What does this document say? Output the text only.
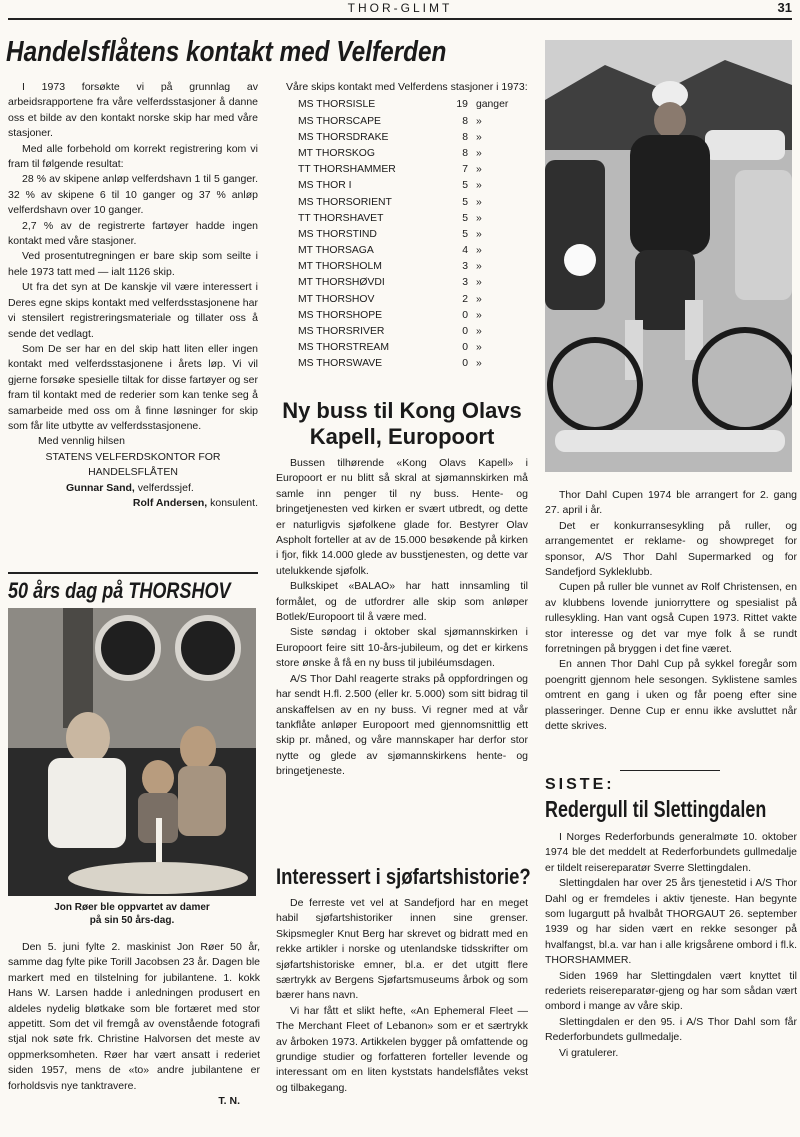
THOR-GLIMT	31
Handelsflåtens kontakt med Velferden

I 1973 forsøkte vi på grunnlag av arbeidsrapportene fra våre velferdsstasjoner å danne oss et bilde av den kontakt norske skip har med våre stasjoner.

Med alle forbehold om korrekt registrering kom vi fram til følgende resultat:

28 % av skipene anløp velferdshavn 1 til 5 ganger. 32 % av skipene 6 til 10 ganger og 37 % anløp velferdshavn over 10 ganger.

2,7 % av de registrerte fartøyer hadde ingen kontakt med våre stasjoner.

Ved prosentutregningen er bare skip som seilte i hele 1973 tatt med — ialt 1126 skip.

Ut fra det syn at De kanskje vil være interessert i Deres egne skips kontakt med velferdsstasjonene har vi stensilert registreringsmateriale og tillater oss å sende det vedlagt.

Som De ser har en del skip hatt liten eller ingen kontakt med velferdsstasjonene i årets løp. Vi vil gjerne forsøke spesielle tiltak for disse fartøyer og ser fram til kontakt med de rederier som kan tenke seg å samarbeide med oss om å finne løsninger for skip som får lite utbytte av velferdsstasjonene.

Med vennlig hilsen
STATENS VELFERDSKONTOR FOR
HANDELSFLÅTEN
Gunnar Sand, velferdssjef.
Rolf Andersen, konsulent.
50 års dag på THORSHOV
Jon Røer ble oppvartet av damer
på sin 50 års-dag.

Den 5. juni fylte 2. maskinist Jon Røer 50 år, samme dag fylte pike Torill Jacobsen 23 år. Dagen ble markert med en tilstelning for jubilantene. 1. kokk Hans W. Larsen hadde i anledningen produsert en aldeles nydelig bløtkake som ble fortæret med stor appetitt. Som det vil fremgå av ovenstående fotografi stjal nok søte frk. Christine Halvorsen det meste av oppmerksomheten. Røer har vært ansatt i rederiet siden 1957, mens de «to» andre jubilantene er forholdsvis nye tanktravere.

T. N.

Våre skips kontakt med Velferdens stasjoner i 1973:

MS THORSISLE	19 ganger
MS THORSCAPE	8 »
MS THORSDRAKE	8 »
MT THORSKOG	8 »
TT THORSHAMMER	7 »
MS THOR I	5 »
MS THORSORIENT	5 »
TT THORSHAVET	5 »
MS THORSTIND	5 »
MT THORSAGA	4 »
MT THORSHOLM	3 »
MT THORSHØVDI	3 »
MT THORSHOV	2 »
MS THORSHOPE	0 »
MS THORSRIVER	0 »
MS THORSTREAM	0 »
MS THORSWAVE	0 »
Ny buss til Kong Olavs
Kapell, Europoort

Bussen tilhørende «Kong Olavs Kapell» i Europoort er nu blitt så skral at sjømannskirken må samle inn penger til ny buss. Hente- og bringetjenesten ved kirken er svært utbredt, og dette er naturligvis sjøfolkene glade for. Bestyrer Olav Aspholt forteller at av de 15.000 besøkende på kirken i fjor, fikk 14.000 glede av busstjenesten, og dette var utelukkende sjøfolk.

Bulkskipet «BALAO» har hatt innsamling til formålet, og de utfordrer alle skip som anløper Botlek/Europoort til å være med.

Siste søndag i oktober skal sjømannskirken i Europoort feire sitt 10-års-jubileum, og det er kirkens store ønske å få en ny buss til jubiléumsdagen.

A/S Thor Dahl reagerte straks på oppfordringen og har sendt H.fl. 2.500 (eller kr. 5.000) som sitt bidrag til anskaffelsen av en ny buss. Vi regner med at vår tankflåte anløper Europoort med gjennomsnittlig ett skip pr. måned, og våre mannskaper har derfor stor nytte og glede av sjømannskirkens hente- og bringetjeneste.

Interessert i sjøfartshistorie?

De ferreste vet vel at Sandefjord har en meget habil sjøfartshistoriker innen sine grenser. Skipsmegler Knut Berg har skrevet og bidratt med en rekke artikler i norske og utenlandske tidsskrifter om sjøfartshistoriske emner, bl.a. er det utgitt flere særtrykk av Bergens Sjøfartsmuseums årbok og som bærer hans navn.

Vi har fått et slikt hefte, «An Ephemeral Fleet — The Merchant Fleet of Lebanon» som er et særtrykk av årboken 1973. Artikkelen bygger på omfattende og grundige studier og forfatteren forteller levende og interessant om en liten kyststats handelsflåtes vekst og tilbakegang.

Thor Dahl Cupen 1974 ble arrangert for 2. gang 27. april i år.

Det er konkurransesykling på ruller, og arrangementet er reklame- og showpreget for sponsor, A/S Thor Dahl Supermarked og for Sandefjord Sykleklubb.

Cupen på ruller ble vunnet av Rolf Christensen, en av klubbens lovende juniorryttere og spesialist på rullesykling. Han vant også Cupen 1973. Rittet vakte stor interesse og det var mye folk å se rundt forretningen på bryggen i det fine været.

En annen Thor Dahl Cup på sykkel foregår som poengritt gjennom hele sesongen. Syklistene samles omtrent en gang i uken og får poeng efter sine plasseringer. Denne Cup er ennu ikke avsluttet når dette skrives.

SISTE:
Redergull til Slettingdalen

I Norges Rederforbunds generalmøte 10. oktober 1974 ble det meddelt at Rederforbundets gullmedalje er tildelt reisereparatør Sverre Slettingdalen.

Slettingdalen har over 25 års tjenestetid i A/S Thor Dahl og er fremdeles i aktiv tjeneste. Han begynte som lugargutt på hvalbåt THORGAUT 26. september 1939 og har siden vært en rekke sesonger på hvalfangst, bl.a. var han i alle krigsårene ombord i fl.k. THORSHAMMER.

Siden 1969 har Slettingdalen vært knyttet til rederiets reisereparatør-gjeng og har som sådan vært ombord i mange av våre skip.

Slettingdalen er den 95. i A/S Thor Dahl som får Rederforbundets gullmedalje.

Vi gratulerer.
